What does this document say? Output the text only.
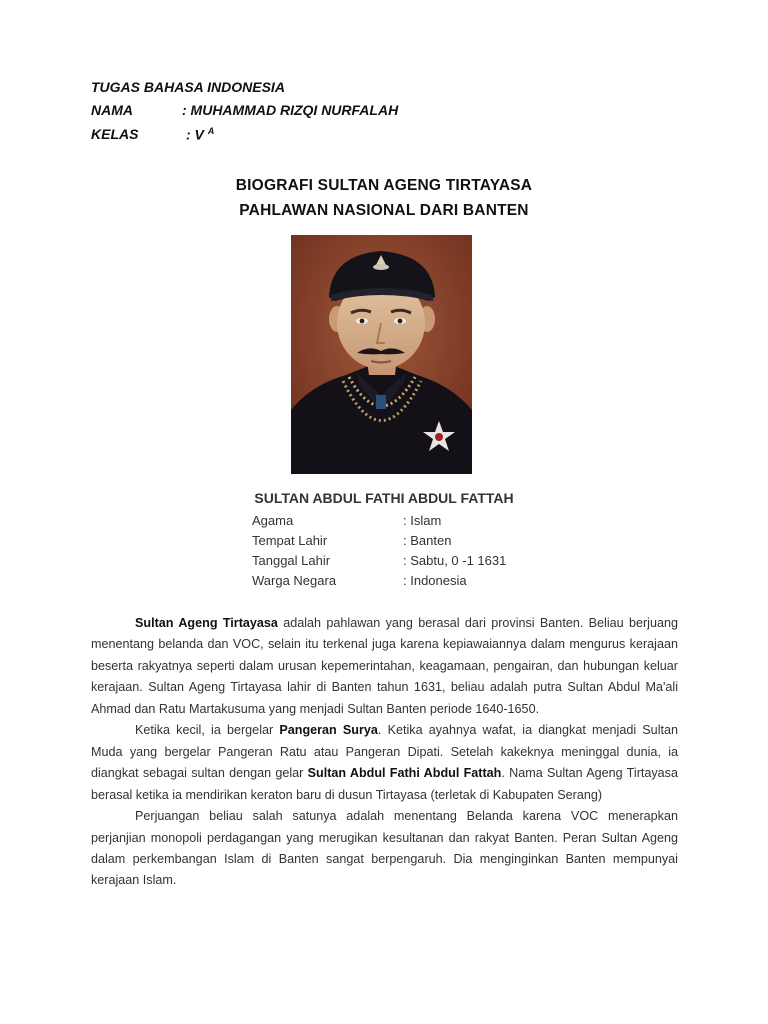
TUGAS BAHASA INDONESIA
NAMA	: MUHAMMAD RIZQI NURFALAH
KELAS	: V $^A$
BIOGRAFI SULTAN AGENG TIRTAYASA
PAHLAWAN NASIONAL DARI BANTEN
SULTAN ABDUL FATHI ABDUL FATTAH
Agama	: Islam
Tempat Lahir	: Banten
Tanggal Lahir	: Sabtu, 0 -1 1631
Warga Negara	: Indonesia

Sultan Ageng Tirtayasa adalah pahlawan yang berasal dari provinsi Banten. Beliau berjuang menentang belanda dan VOC, selain itu terkenal juga karena kepiawaiannya dalam mengurus kerajaan beserta rakyatnya seperti dalam urusan kepemerintahan, keagamaan, pengairan, dan hubungan keluar kerajaan. Sultan Ageng Tirtayasa lahir di Banten tahun 1631, beliau adalah putra Sultan Abdul Ma'ali Ahmad dan Ratu Martakusuma yang menjadi Sultan Banten periode 1640-1650.

Ketika kecil, ia bergelar Pangeran Surya. Ketika ayahnya wafat, ia diangkat menjadi Sultan Muda yang bergelar Pangeran Ratu atau Pangeran Dipati. Setelah kakeknya meninggal dunia, ia diangkat sebagai sultan dengan gelar Sultan Abdul Fathi Abdul Fattah. Nama Sultan Ageng Tirtayasa berasal ketika ia mendirikan keraton baru di dusun Tirtayasa (terletak di Kabupaten Serang)

Perjuangan beliau salah satunya adalah menentang Belanda karena VOC menerapkan perjanjian monopoli perdagangan yang merugikan kesultanan dan rakyat Banten. Peran Sultan Ageng dalam perkembangan Islam di Banten sangat berpengaruh. Dia menginginkan Banten mempunyai kerajaan Islam.
